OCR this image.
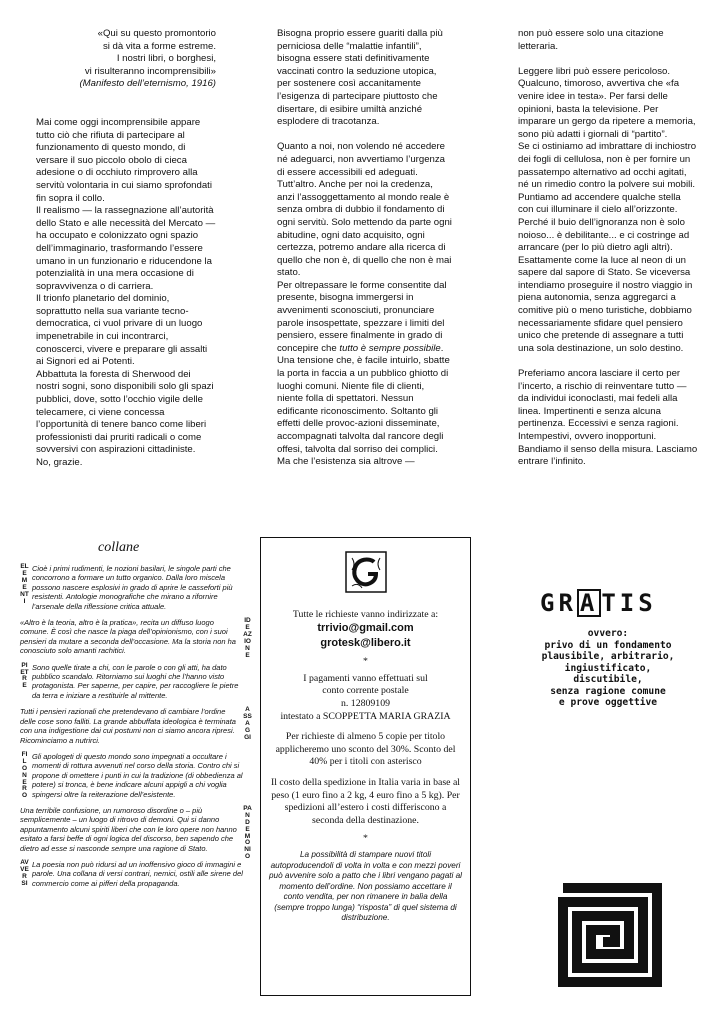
«Qui su questo promontorio
si dà vita a forme estreme.
I nostri libri, o borghesi,
vi risulteranno incomprensibili»
(Manifesto dell’eternismo, 1916)

Mai come oggi incomprensibile appare tutto ciò che rifiuta di partecipare al funzionamento di questo mondo, di versare il suo piccolo obolo di cieca adesione o di occhiuto rimprovero alla servitù volontaria in cui siamo sprofondati fin sopra il collo.

Il realismo — la rassegnazione all’autorità dello Stato e alle necessità del Mercato — ha occupato e colonizzato ogni spazio dell’immaginario, trasformando l’essere umano in un funzionario e riducendone la potenzialità in una mera occasione di sopravvivenza o di carriera.

Il trionfo planetario del dominio, soprattutto nella sua variante tecno-democratica, ci vuol privare di un luogo impenetrabile in cui incontrarci, conoscerci, vivere e preparare gli assalti ai Signori ed ai Potenti.

Abbattuta la foresta di Sherwood dei nostri sogni, sono disponibili solo gli spazi pubblici, dove, sotto l’occhio vigile delle telecamere, ci viene concessa l’opportunità di tenere banco come liberi professionisti dai pruriti radicali o come sovversivi con aspirazioni cittadiniste.

No, grazie.

Bisogna proprio essere guariti dalla più perniciosa delle “malattie infantili”, bisogna essere stati definitivamente vaccinati contro la seduzione utopica, per sostenere così accanitamente l’esigenza di partecipare piuttosto che disertare, di esibire umiltà anziché esplodere di tracotanza.

Quanto a noi, non volendo né accedere né adeguarci, non avvertiamo l’urgenza di essere accessibili ed adeguati. Tutt’altro. Anche per noi la credenza, anzi l’assoggettamento al mondo reale è senza ombra di dubbio il fondamento di ogni servitù. Solo mettendo da parte ogni abitudine, ogni dato acquisito, ogni certezza, potremo andare alla ricerca di quello che non è, di quello che non è mai stato.

Per oltrepassare le forme consentite dal presente, bisogna immergersi in avvenimenti sconosciuti, pronunciare parole insospettate, spezzare i limiti del pensiero, essere finalmente in grado di concepire che tutto è sempre possibile.

Una tensione che, è facile intuirlo, sbatte la porta in faccia a un pubblico ghiotto di luoghi comuni. Niente file di clienti, niente folla di spettatori. Nessun edificante riconoscimento. Soltanto gli effetti delle provoc-azioni disseminate, accompagnati talvolta dal rancore degli offesi, talvolta dal sorriso dei complici.

Ma che l’esistenza sia altrove —

non può essere solo una citazione letteraria.

Leggere libri può essere pericoloso. Qualcuno, timoroso, avvertiva che «fa venire idee in testa». Per farsi delle opinioni, basta la televisione. Per imparare un gergo da ripetere a memoria, sono più adatti i giornali di “partito”.

Se ci ostiniamo ad imbrattare di inchiostro dei fogli di cellulosa, non è per fornire un passatempo alternativo ad occhi agitati, né un rimedio contro la polvere sui mobili. Puntiamo ad accendere qualche stella con cui illuminare il cielo all’orizzonte. Perché il buio dell’ignoranza non è solo noioso... è debilitante... e ci costringe ad arrancare (per lo più dietro agli altri). Esattamente come la luce al neon di un sapere dal sapore di Stato. Se viceversa intendiamo proseguire il nostro viaggio in piena autonomia, senza aggregarci a comitive più o meno turistiche, dobbiamo necessariamente sfidare quel pensiero unico che pretende di assegnare a tutti una sola destinazione, un solo destino.

Preferiamo ancora lasciare il certo per l’incerto, a rischio di reinventare tutto — da individui iconoclasti, mai fedeli alla linea. Impertinenti e senza alcuna pertinenza. Eccessivi e senza ragioni. Intempestivi, ovvero inopportuni. Bandiamo il senso della misura. Lasciamo entrare l’infinito.

collane
ELEMENTI
Cioè i primi rudimenti, le nozioni basilari, le singole parti che concorrono a formare un tutto organico. Dalla loro miscela possono nascere esplosivi in grado di aprire le casseforti più resistenti. Antologie monografiche che mirano a rifornire l’arsenale della riflessione critica attuale.
IDEAZIONE
«Altro è la teoria, altro è la pratica», recita un diffuso luogo comune. È così che nasce la piaga dell’opinionismo, con i suoi pensieri da mutare a seconda dell’occasione. Ma la storia non ha conosciuto solo amanti rachitici.
PIETRE
Sono quelle tirate a chi, con le parole o con gli atti, ha dato pubblico scandalo. Ritorniamo sui luoghi che l’hanno visto protagonista. Per saperne, per capire, per raccogliere le pietre da terra e iniziare a restituirle al mittente.
ASSAGGI
Tutti i pensieri razionali che pretendevano di cambiare l’ordine delle cose sono falliti. La grande abbuffata ideologica è terminata con una indigestione dai cui postumi non ci siamo ancora ripresi. Ricominciamo a nutrirci.
FILONERO
Gli apologeti di questo mondo sono impegnati a occultare i momenti di rottura avvenuti nel corso della storia. Contro chi si propone di omettere i punti in cui la tradizione (di obbedienza al potere) si tronca, è bene indicare alcuni appigli a chi voglia spingersi oltre la reiterazione dell’esistente.
PANDEMONIO
Una terribile confusione, un rumoroso disordine o – più semplicemente – un luogo di ritrovo di demoni. Qui si danno appuntamento alcuni spiriti liberi che con le loro opere non hanno esitato a farsi beffe di ogni logica del discorso, ben sapendo che dietro ad esse si nasconde sempre una ragione di Stato.
AVVERSI
La poesia non può ridursi ad un inoffensivo gioco di immagini e parole. Una collana di versi contrari, nemici, ostili alle sirene del commercio come ai pifferi della propaganda.

Tutte le richieste vanno indirizzate a:

trrivio@gmail.com

grotesk@libero.it

*

I pagamenti vanno effettuati sul

conto corrente postale

n. 12809109

intestato a SCOPPETTA MARIA GRAZIA

Per richieste di almeno 5 copie per titolo applicheremo uno sconto del 30%. Sconto del 40% per i titoli con asterisco

Il costo della spedizione in Italia varia in base al peso (1 euro fino a 2 kg, 4 euro fino a 5 kg). Per spedizioni all’estero i costi differiscono a seconda della destinazione.

*

La possibilità di stampare nuovi titoli autoproducendoli di volta in volta e con mezzi poveri può avvenire solo a patto che i libri vengano pagati al momento dell’ordine. Non possiamo accettare il conto vendita, per non rimanere in balìa della (sempre troppo lunga) “risposta” di quel sistema di distribuzione.

GR A TIS

ovvero:

privo di un fondamento

plausibile, arbitrario,

ingiustificato, discutibile,

senza ragione comune

e prove oggettive
